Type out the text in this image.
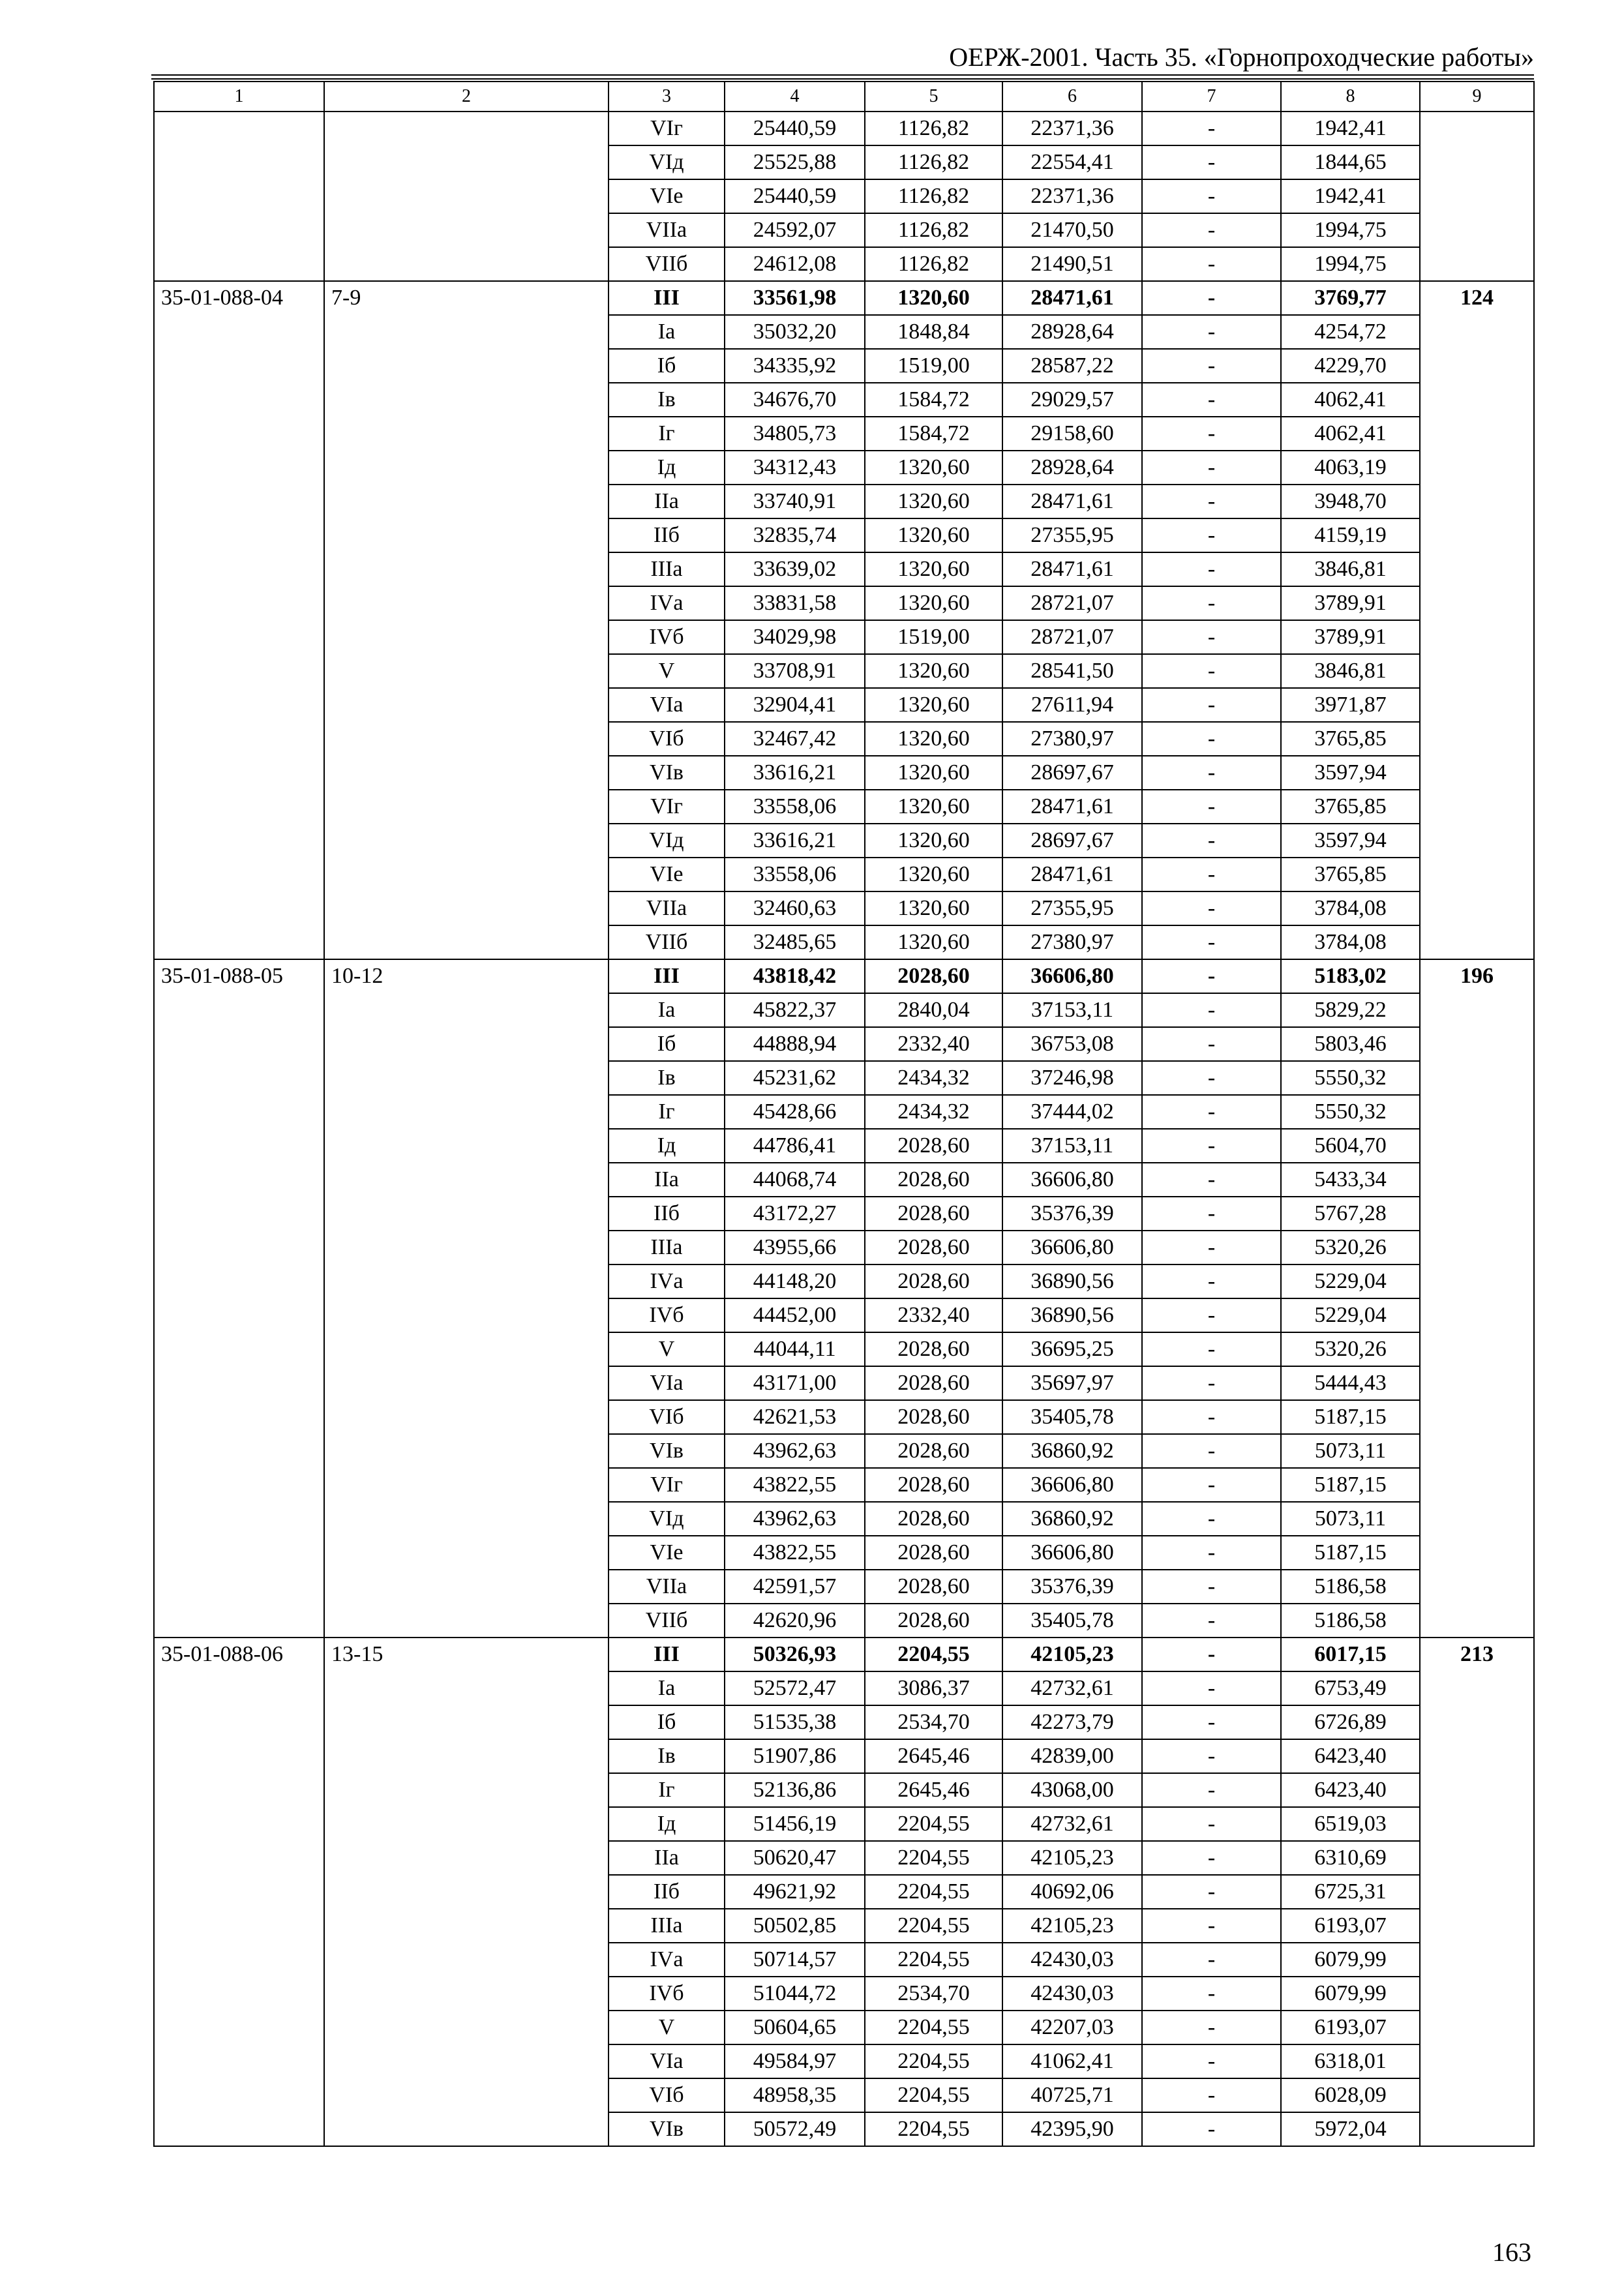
ОЕРЖ-2001. Часть 35. «Горнопроходческие работы»
1	2	3	4	5	6	7	8	9
		VIг	25440,59	1126,82	22371,36	-	1942,41	
		VIд	25525,88	1126,82	22554,41	-	1844,65	
		VIе	25440,59	1126,82	22371,36	-	1942,41	
		VIIа	24592,07	1126,82	21470,50	-	1994,75	
		VIIб	24612,08	1126,82	21490,51	-	1994,75	
35-01-088-04	7-9	III	33561,98	1320,60	28471,61	-	3769,77	124
		Iа	35032,20	1848,84	28928,64	-	4254,72	
		Iб	34335,92	1519,00	28587,22	-	4229,70	
		Iв	34676,70	1584,72	29029,57	-	4062,41	
		Iг	34805,73	1584,72	29158,60	-	4062,41	
		Iд	34312,43	1320,60	28928,64	-	4063,19	
		IIа	33740,91	1320,60	28471,61	-	3948,70	
		IIб	32835,74	1320,60	27355,95	-	4159,19	
		IIIа	33639,02	1320,60	28471,61	-	3846,81	
		IVа	33831,58	1320,60	28721,07	-	3789,91	
		IVб	34029,98	1519,00	28721,07	-	3789,91	
		V	33708,91	1320,60	28541,50	-	3846,81	
		VIа	32904,41	1320,60	27611,94	-	3971,87	
		VIб	32467,42	1320,60	27380,97	-	3765,85	
		VIв	33616,21	1320,60	28697,67	-	3597,94	
		VIг	33558,06	1320,60	28471,61	-	3765,85	
		VIд	33616,21	1320,60	28697,67	-	3597,94	
		VIе	33558,06	1320,60	28471,61	-	3765,85	
		VIIа	32460,63	1320,60	27355,95	-	3784,08	
		VIIб	32485,65	1320,60	27380,97	-	3784,08	
35-01-088-05	10-12	III	43818,42	2028,60	36606,80	-	5183,02	196
		Iа	45822,37	2840,04	37153,11	-	5829,22	
		Iб	44888,94	2332,40	36753,08	-	5803,46	
		Iв	45231,62	2434,32	37246,98	-	5550,32	
		Iг	45428,66	2434,32	37444,02	-	5550,32	
		Iд	44786,41	2028,60	37153,11	-	5604,70	
		IIа	44068,74	2028,60	36606,80	-	5433,34	
		IIб	43172,27	2028,60	35376,39	-	5767,28	
		IIIа	43955,66	2028,60	36606,80	-	5320,26	
		IVа	44148,20	2028,60	36890,56	-	5229,04	
		IVб	44452,00	2332,40	36890,56	-	5229,04	
		V	44044,11	2028,60	36695,25	-	5320,26	
		VIа	43171,00	2028,60	35697,97	-	5444,43	
		VIб	42621,53	2028,60	35405,78	-	5187,15	
		VIв	43962,63	2028,60	36860,92	-	5073,11	
		VIг	43822,55	2028,60	36606,80	-	5187,15	
		VIд	43962,63	2028,60	36860,92	-	5073,11	
		VIе	43822,55	2028,60	36606,80	-	5187,15	
		VIIа	42591,57	2028,60	35376,39	-	5186,58	
		VIIб	42620,96	2028,60	35405,78	-	5186,58	
35-01-088-06	13-15	III	50326,93	2204,55	42105,23	-	6017,15	213
		Iа	52572,47	3086,37	42732,61	-	6753,49	
		Iб	51535,38	2534,70	42273,79	-	6726,89	
		Iв	51907,86	2645,46	42839,00	-	6423,40	
		Iг	52136,86	2645,46	43068,00	-	6423,40	
		Iд	51456,19	2204,55	42732,61	-	6519,03	
		IIа	50620,47	2204,55	42105,23	-	6310,69	
		IIб	49621,92	2204,55	40692,06	-	6725,31	
		IIIа	50502,85	2204,55	42105,23	-	6193,07	
		IVа	50714,57	2204,55	42430,03	-	6079,99	
		IVб	51044,72	2534,70	42430,03	-	6079,99	
		V	50604,65	2204,55	42207,03	-	6193,07	
		VIа	49584,97	2204,55	41062,41	-	6318,01	
		VIб	48958,35	2204,55	40725,71	-	6028,09	
		VIв	50572,49	2204,55	42395,90	-	5972,04	
163
